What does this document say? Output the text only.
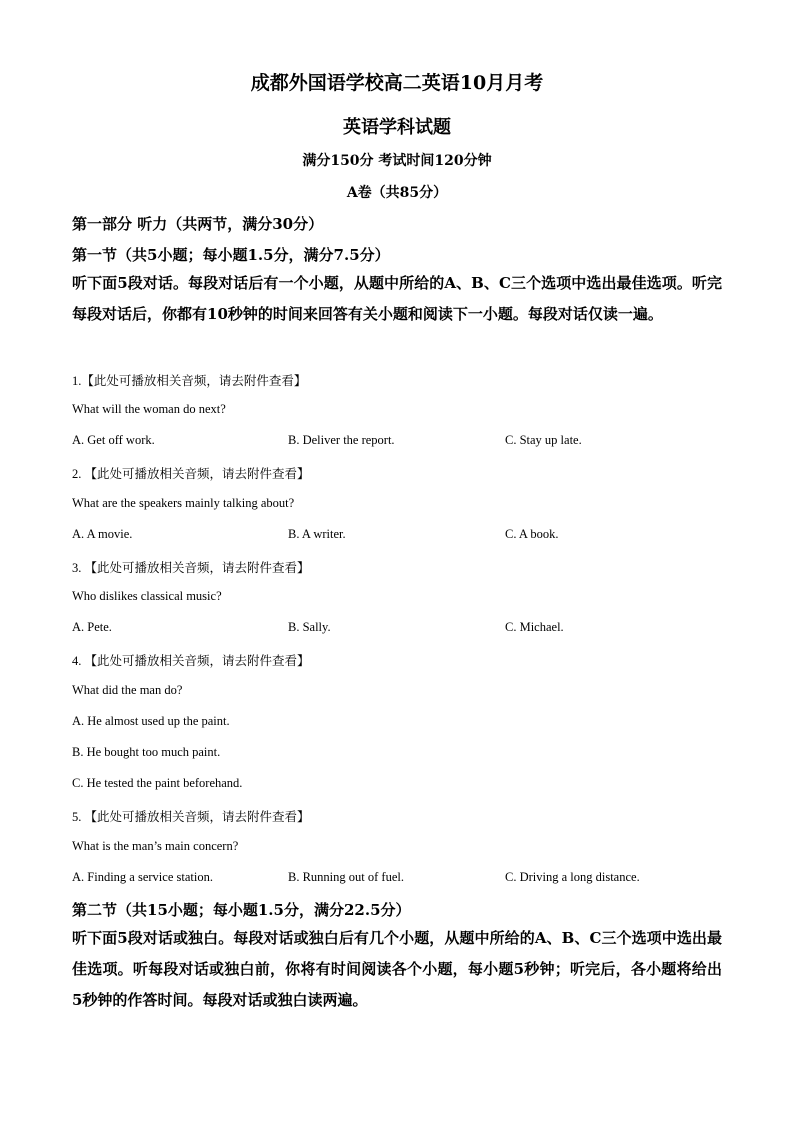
成都外国语学校高二英语10月月考
英语学科试题
满分150分 考试时间120分钟
A卷（共85分）
第一部分 听力（共两节，满分30分）
第一节（共5小题；每小题1.5分，满分7.5分）
听下面5段对话。每段对话后有一个小题，从题中所给的A、B、C三个选项中选出最佳选项。听完每段对话后，你都有10秒钟的时间来回答有关小题和阅读下一小题。每段对话仅读一遍。
1.【此处可播放相关音频，请去附件查看】
What will the woman do next?
A. Get off work.	B. Deliver the report.	C. Stay up late.
2. 【此处可播放相关音频，请去附件查看】
What are the speakers mainly talking about?
A. A movie.	B. A writer.	C. A book.
3. 【此处可播放相关音频，请去附件查看】
Who dislikes classical music?
A. Pete.	B. Sally.	C. Michael.
4. 【此处可播放相关音频，请去附件查看】
What did the man do?
A. He almost used up the paint.
B. He bought too much paint.
C. He tested the paint beforehand.
5. 【此处可播放相关音频，请去附件查看】
What is the man’s main concern?
A. Finding a service station.	B. Running out of fuel.	C. Driving a long distance.
第二节（共15小题；每小题1.5分，满分22.5分）
听下面5段对话或独白。每段对话或独白后有几个小题，从题中所给的A、B、C三个选项中选出最佳选项。听每段对话或独白前，你将有时间阅读各个小题，每小题5秒钟；听完后，各小题将给出5秒钟的作答时间。每段对话或独白读两遍。
